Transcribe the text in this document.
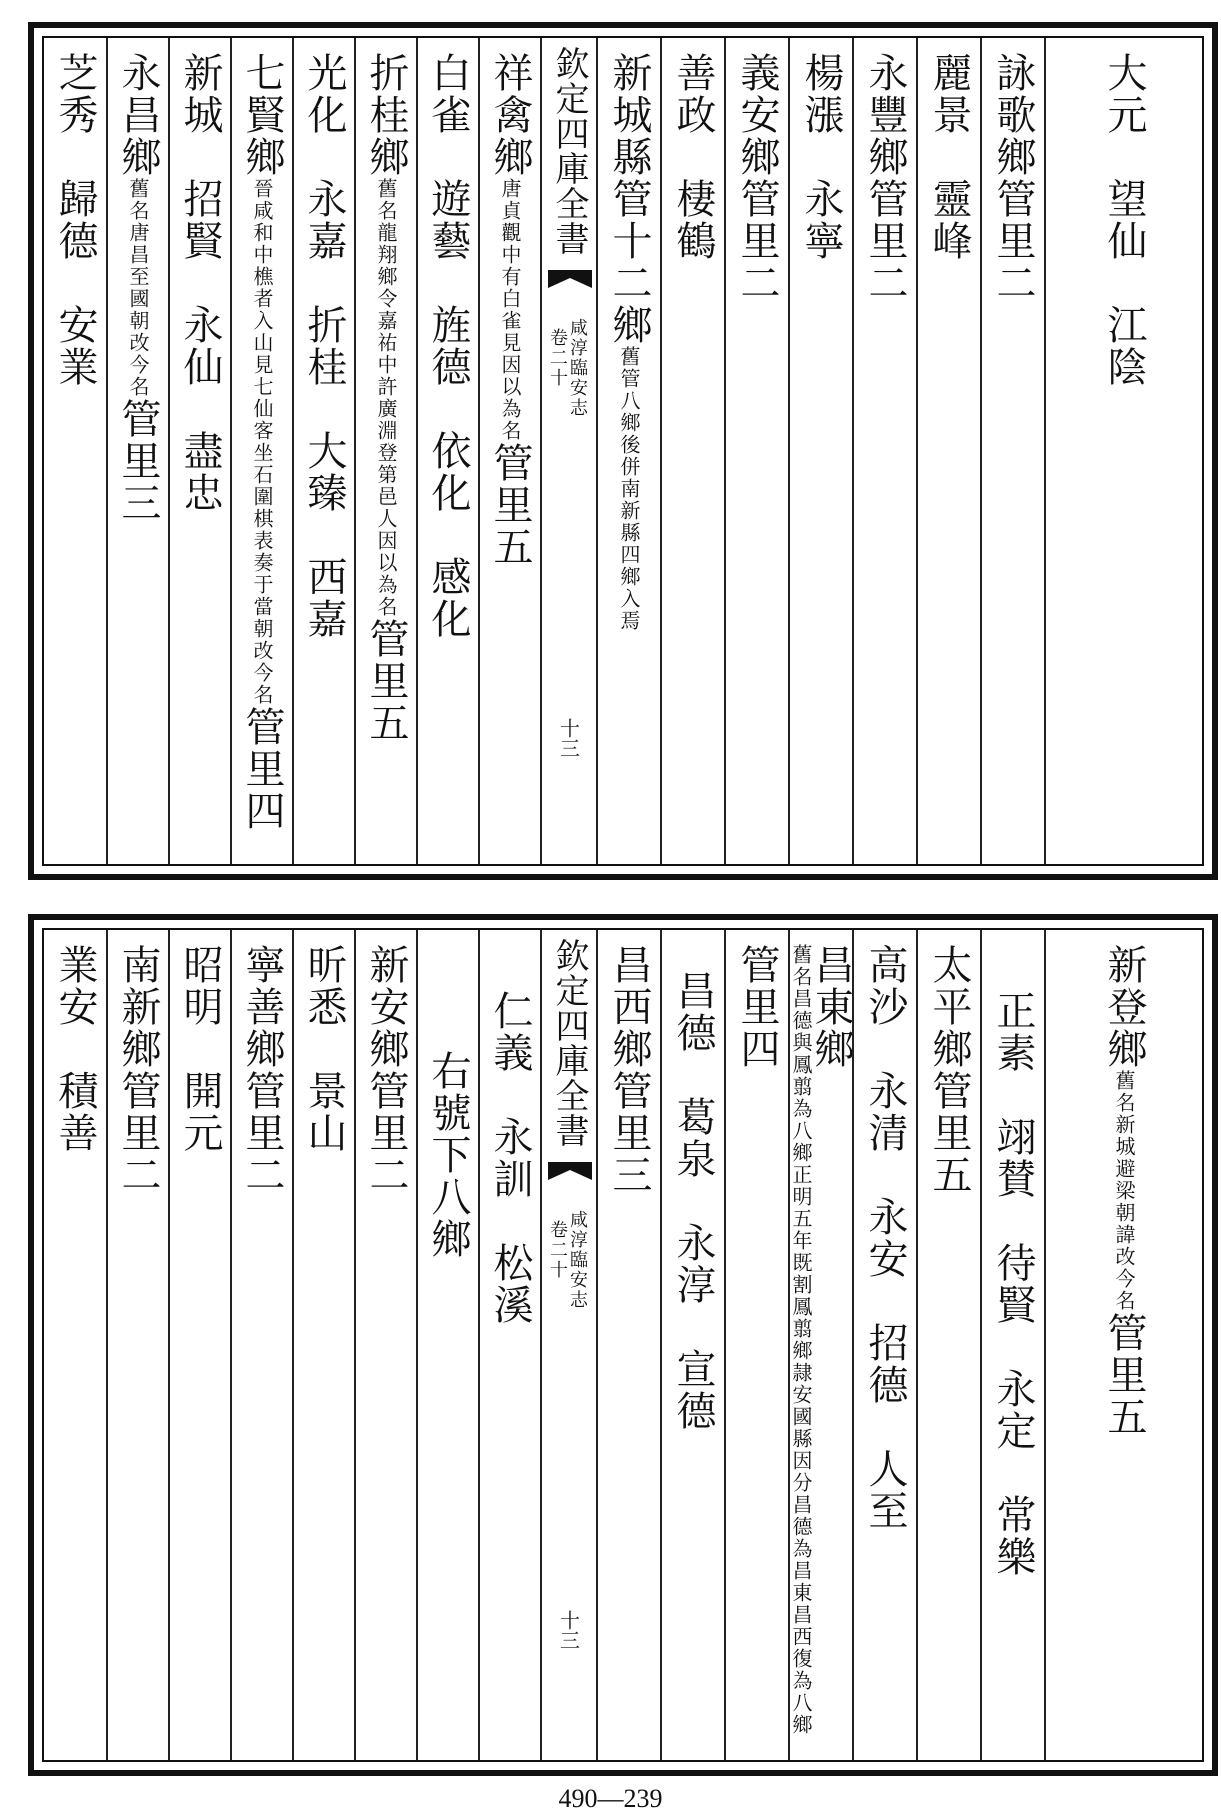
芝秀　歸德　安業 永昌鄉舊名唐昌至國朝改今名管里三 新城　招賢　永仙　盡忠 七賢鄉晉咸和中樵者入山見七仙客坐石圍棋表奏于當朝改今名管里四
光化　永嘉　折桂　大臻　西嘉 折桂鄉舊名龍翔鄉令嘉祐中許廣淵登第邑人因以為名管里五
白雀　遊藝　旌德　依化　感化 祥禽鄉唐貞觀中有白雀見因以為名管里五
欽定四庫全書
咸淳臨安志
卷二十
十三
新城縣管十二鄉舊管八鄉後併南新縣四鄉入焉
善政　棲鶴 義安鄉管里二 楊漲　永寧 永豐鄉管里二 麗景　靈峰 詠歌鄉管里二 大元　望仙　江陰
業安　積善 南新鄉管里二 昭明　開元 寧善鄉管里二 昕悉　景山 新安鄉管里二 右號下八鄉 仁義　永訓　松溪 欽定四庫全書
咸淳臨安志
卷二十
十三
昌西鄉管里三 昌德　葛泉　永淳　宣德 管里四 昌東鄉舊名昌德與鳳翦為八鄉正明五年既割鳳翦鄉隷安國縣因分昌德為昌東昌西復為八鄉	高沙　永清　永安　招德　人至 太平鄉管里五 正素　翊賛　待賢　永定　常樂 新登鄉舊名新城避梁朝諱改今名管里五
490—239
